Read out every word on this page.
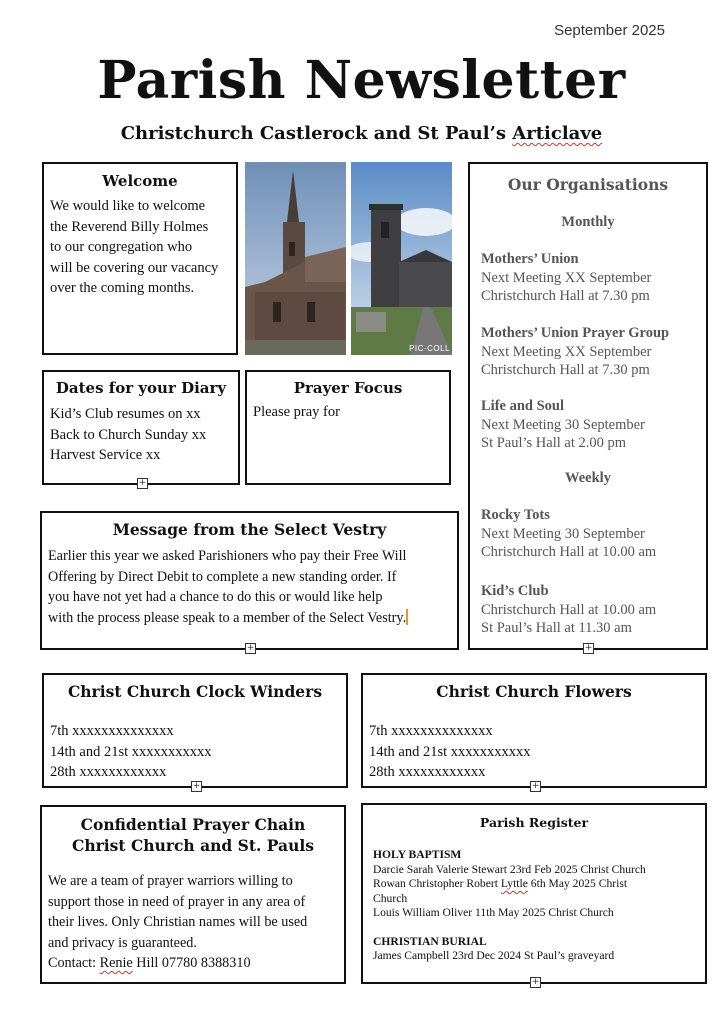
September 2025
Parish Newsletter
Christchurch Castlerock and St Paul’s Articlave
Welcome
We would like to welcome
the Reverend Billy Holmes
to our congregation who
will be covering our vacancy
over the coming months.
PIC·COLL
Our Organisations
Monthly
Mothers’ Union
Next Meeting XX September
Christchurch Hall at 7.30 pm
Mothers’ Union Prayer Group
Next Meeting XX September
Christchurch Hall at 7.30 pm
Life and Soul
Next Meeting 30 September
St Paul’s Hall at 2.00 pm
Weekly
Rocky Tots
Next Meeting 30 September
Christchurch Hall at 10.00 am
Kid’s Club
Christchurch Hall at 10.00 am
St Paul’s Hall at 11.30 am
+
Dates for your Diary
Kid’s Club resumes on xx
Back to Church Sunday xx
Harvest Service xx
+
Prayer Focus
Please pray for
Message from the Select Vestry
Earlier this year we asked Parishioners who pay their Free Will
Offering by Direct Debit to complete a new standing order. If
you have not yet had a chance to do this or would like help
with the process please speak to a member of the Select Vestry.
+
Christ Church Clock Winders
7th xxxxxxxxxxxxxx
14th and 21st xxxxxxxxxxx
28th xxxxxxxxxxxx
+
Christ Church Flowers
7th xxxxxxxxxxxxxx
14th and 21st xxxxxxxxxxx
28th xxxxxxxxxxxx
+
Confidential Prayer Chain
Christ Church and St. Pauls
We are a team of prayer warriors willing to
support those in need of prayer in any area of
their lives. Only Christian names will be used
and privacy is guaranteed.
Contact: Renie Hill 07780 8388310
Parish Register
HOLY BAPTISM
Darcie Sarah Valerie Stewart 23rd Feb 2025 Christ Church
Rowan Christopher Robert Lyttle 6th May 2025 Christ
Church
Louis William Oliver 11th May 2025 Christ Church
CHRISTIAN BURIAL
James Campbell 23rd Dec 2024 St Paul’s graveyard
+
